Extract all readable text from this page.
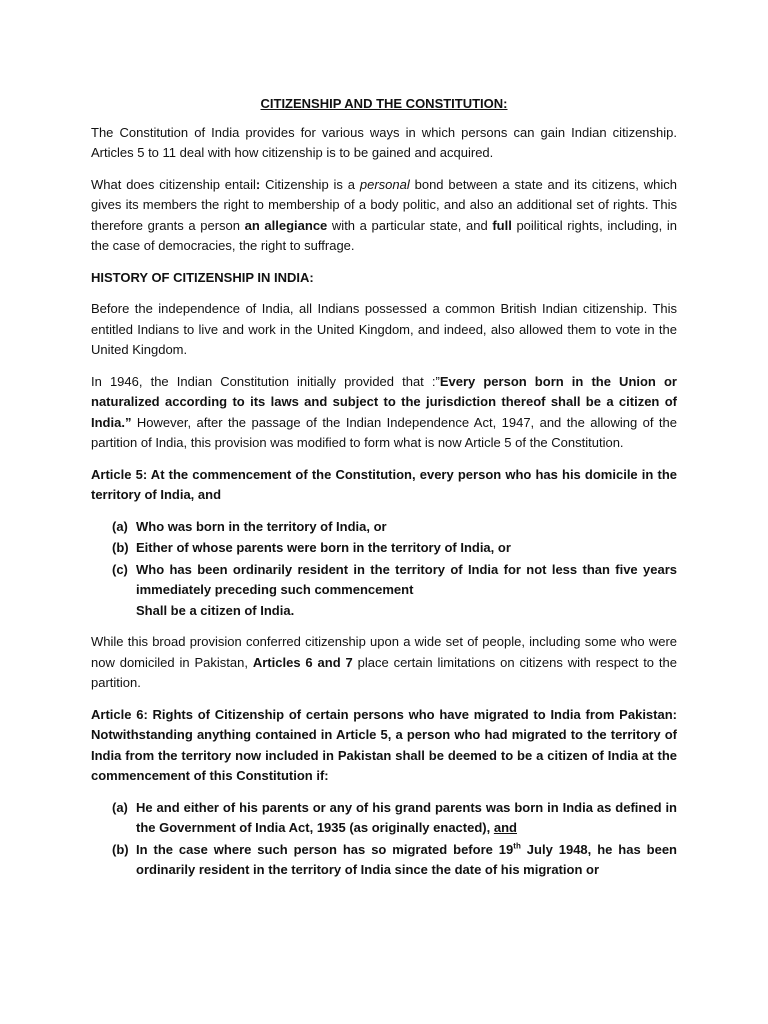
CITIZENSHIP AND THE CONSTITUTION:

The Constitution of India provides for various ways in which persons can gain Indian citizenship. Articles 5 to 11 deal with how citizenship is to be gained and acquired.

What does citizenship entail: Citizenship is a personal bond between a state and its citizens, which gives its members the right to membership of a body politic, and also an additional set of rights. This therefore grants a person an allegiance with a particular state, and full poilitical rights, including, in the case of democracies, the right to suffrage.

HISTORY OF CITIZENSHIP IN INDIA:

Before the independence of India, all Indians possessed a common British Indian citizenship. This entitled Indians to live and work in the United Kingdom, and indeed, also allowed them to vote in the United Kingdom.

In 1946, the Indian Constitution initially provided that :”Every person born in the Union or naturalized according to its laws and subject to the jurisdiction thereof shall be a citizen of India.” However, after the passage of the Indian Independence Act, 1947, and the allowing of the partition of India, this provision was modified to form what is now Article 5 of the Constitution.

Article 5: At the commencement of the Constitution, every person who has his domicile in the territory of India, and

(a) Who was born in the territory of India, or
(b) Either of whose parents were born in the territory of India, or
(c) Who has been ordinarily resident in the territory of India for not less than five years immediately preceding such commencement
Shall be a citizen of India.

While this broad provision conferred citizenship upon a wide set of people, including some who were now domiciled in Pakistan, Articles 6 and 7 place certain limitations on citizens with respect to the partition.

Article 6: Rights of Citizenship of certain persons who have migrated to India from Pakistan: Notwithstanding anything contained in Article 5, a person who had migrated to the territory of India from the territory now included in Pakistan shall be deemed to be a citizen of India at the commencement of this Constitution if:

(a) He and either of his parents or any of his grand parents was born in India as defined in the Government of India Act, 1935 (as originally enacted), and
(b) In the case where such person has so migrated before 19th July 1948, he has been ordinarily resident in the territory of India since the date of his migration or
